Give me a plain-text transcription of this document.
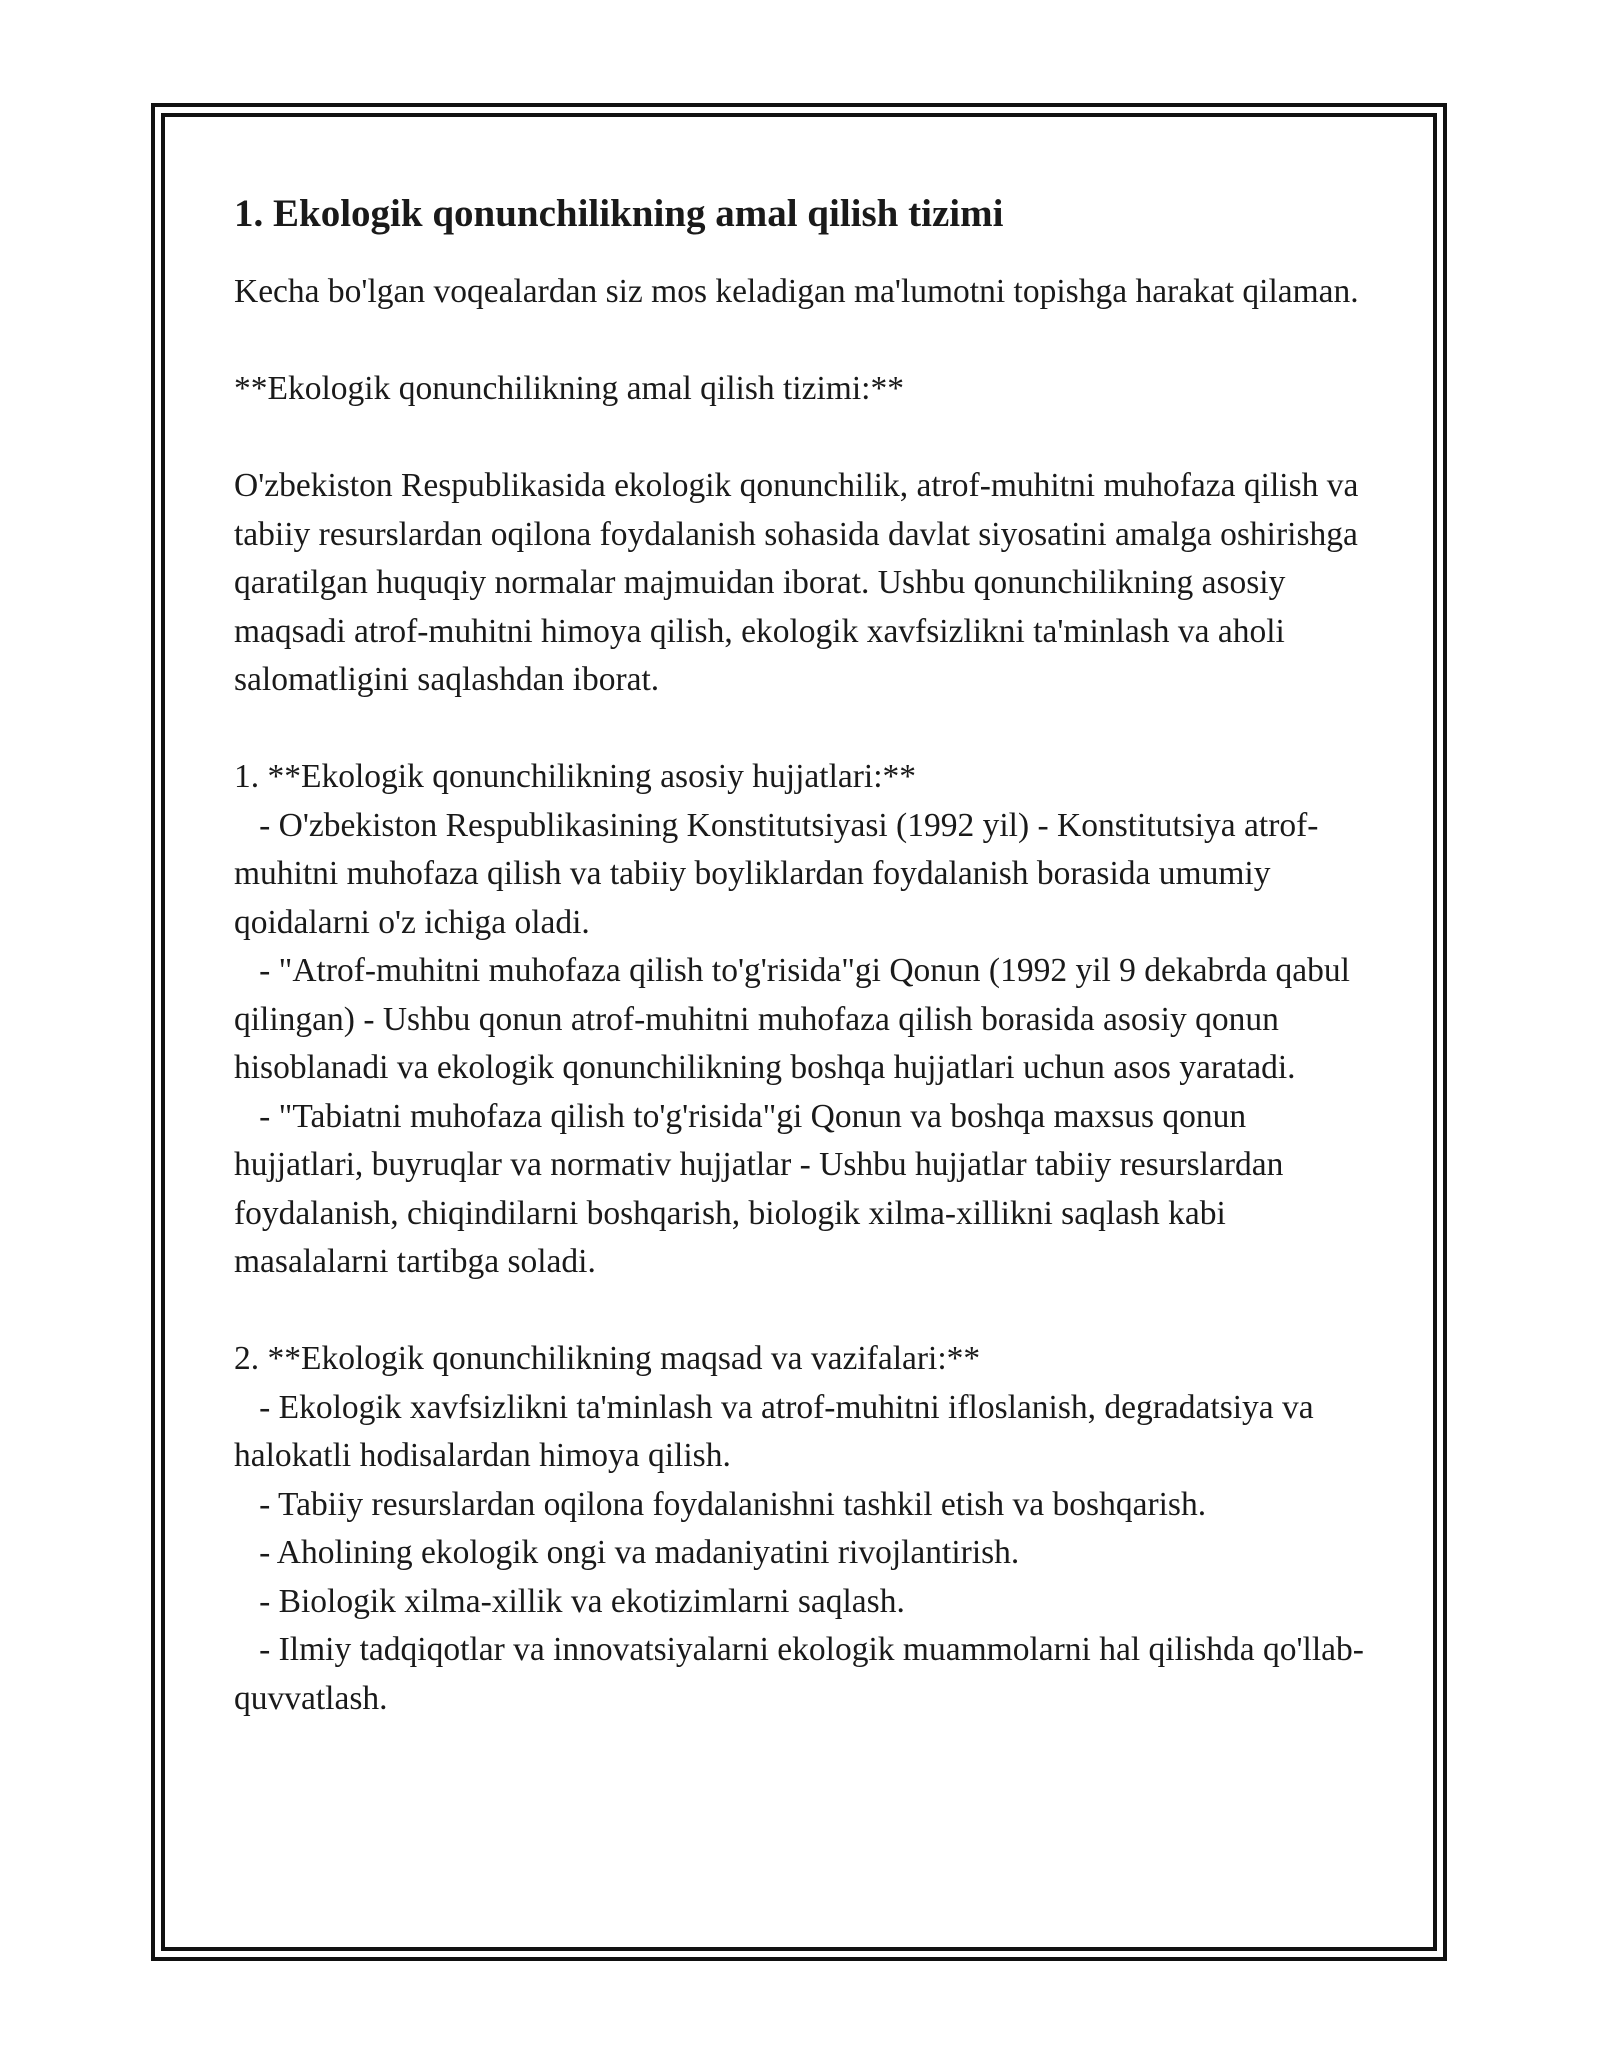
1. Ekologik qonunchilikning amal qilish tizimi

Kecha bo'lgan voqealardan siz mos keladigan ma'lumotni topishga harakat qilaman.

**Ekologik qonunchilikning amal qilish tizimi:**

O'zbekiston Respublikasida ekologik qonunchilik, atrof-muhitni muhofaza qilish va tabiiy resurslardan oqilona foydalanish sohasida davlat siyosatini amalga oshirishga qaratilgan huquqiy normalar majmuidan iborat. Ushbu qonunchilikning asosiy maqsadi atrof-muhitni himoya qilish, ekologik xavfsizlikni ta'minlash va aholi salomatligini saqlashdan iborat.

1. **Ekologik qonunchilikning asosiy hujjatlari:**

- O'zbekiston Respublikasining Konstitutsiyasi (1992 yil) - Konstitutsiya atrof-muhitni muhofaza qilish va tabiiy boyliklardan foydalanish borasida umumiy qoidalarni o'z ichiga oladi.

- "Atrof-muhitni muhofaza qilish to'g'risida"gi Qonun (1992 yil 9 dekabrda qabul qilingan) - Ushbu qonun atrof-muhitni muhofaza qilish borasida asosiy qonun hisoblanadi va ekologik qonunchilikning boshqa hujjatlari uchun asos yaratadi.

- "Tabiatni muhofaza qilish to'g'risida"gi Qonun va boshqa maxsus qonun hujjatlari, buyruqlar va normativ hujjatlar - Ushbu hujjatlar tabiiy resurslardan foydalanish, chiqindilarni boshqarish, biologik xilma-xillikni saqlash kabi masalalarni tartibga soladi.

2. **Ekologik qonunchilikning maqsad va vazifalari:**

- Ekologik xavfsizlikni ta'minlash va atrof-muhitni ifloslanish, degradatsiya va halokatli hodisalardan himoya qilish.

- Tabiiy resurslardan oqilona foydalanishni tashkil etish va boshqarish.

- Aholining ekologik ongi va madaniyatini rivojlantirish.

- Biologik xilma-xillik va ekotizimlarni saqlash.

- Ilmiy tadqiqotlar va innovatsiyalarni ekologik muammolarni hal qilishda qo'llab-quvvatlash.
